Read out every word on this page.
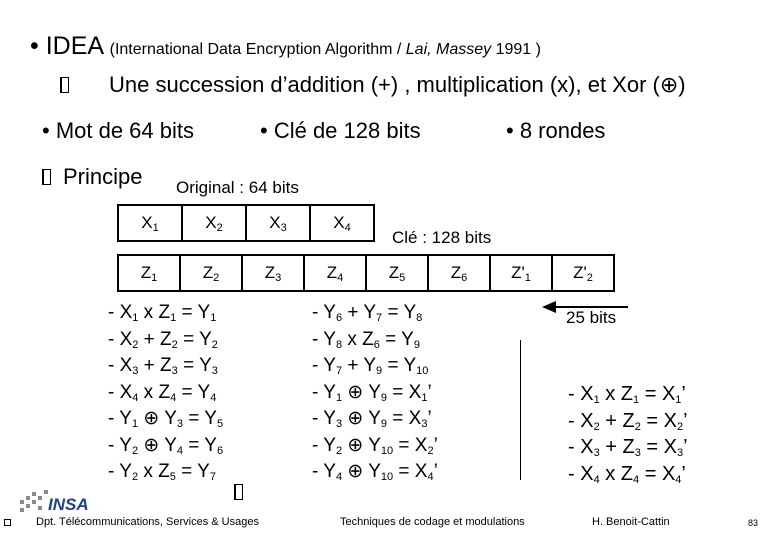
• IDEA (International Data Encryption Algorithm / Lai, Massey 1991 )
Une succession d’addition (+) , multiplication (x), et Xor (⊕)
• Mot de 64 bits	• Clé de 128 bits	• 8 rondes
Principe Original : 64 bits
$X_1$	$X_2$	$X_3$	$X_4$ Clé : 128 bits
$Z_1$	$Z_2$	$Z_3$	$Z_4$	$Z_5$	$Z_6$	$Z'_1$	$Z'_2$
25 bits
- $X_1$ x $Z_1 = Y_1$
- $X_2 + Z_2 = Y_2$
- $X_3 + Z_3 = Y_3$
- $X_4$ x $Z_4 = Y_4$
- $Y_1$ ⊕ $Y_3 = Y_5$
- $Y_2$ ⊕ $Y_4 = Y_6$
- $Y_2$ x $Z_5 = Y_7$
- $Y_6 + Y_7 = Y_8$
- $Y_8$ x $Z_6 = Y_9$
- $Y_7 + Y_9 = Y_{10}$
- $Y_1$ ⊕ $Y_9 = X_1$’
- $Y_3$ ⊕ $Y_9 = X_3$’
- $Y_2$ ⊕ $Y_{10} = X_2$’
- $Y_4$ ⊕ $Y_{10} = X_4$’
- $X_1$ x $Z_1 = X_1$’
- $X_2 + Z_2 = X_2$’
- $X_3 + Z_3 = X_3$’
- $X_4$ x $Z_4 = X_4$’
INSA
Dpt. Télécommunications, Services & Usages	Techniques de codage et modulations	H. Benoit-Cattin	83
